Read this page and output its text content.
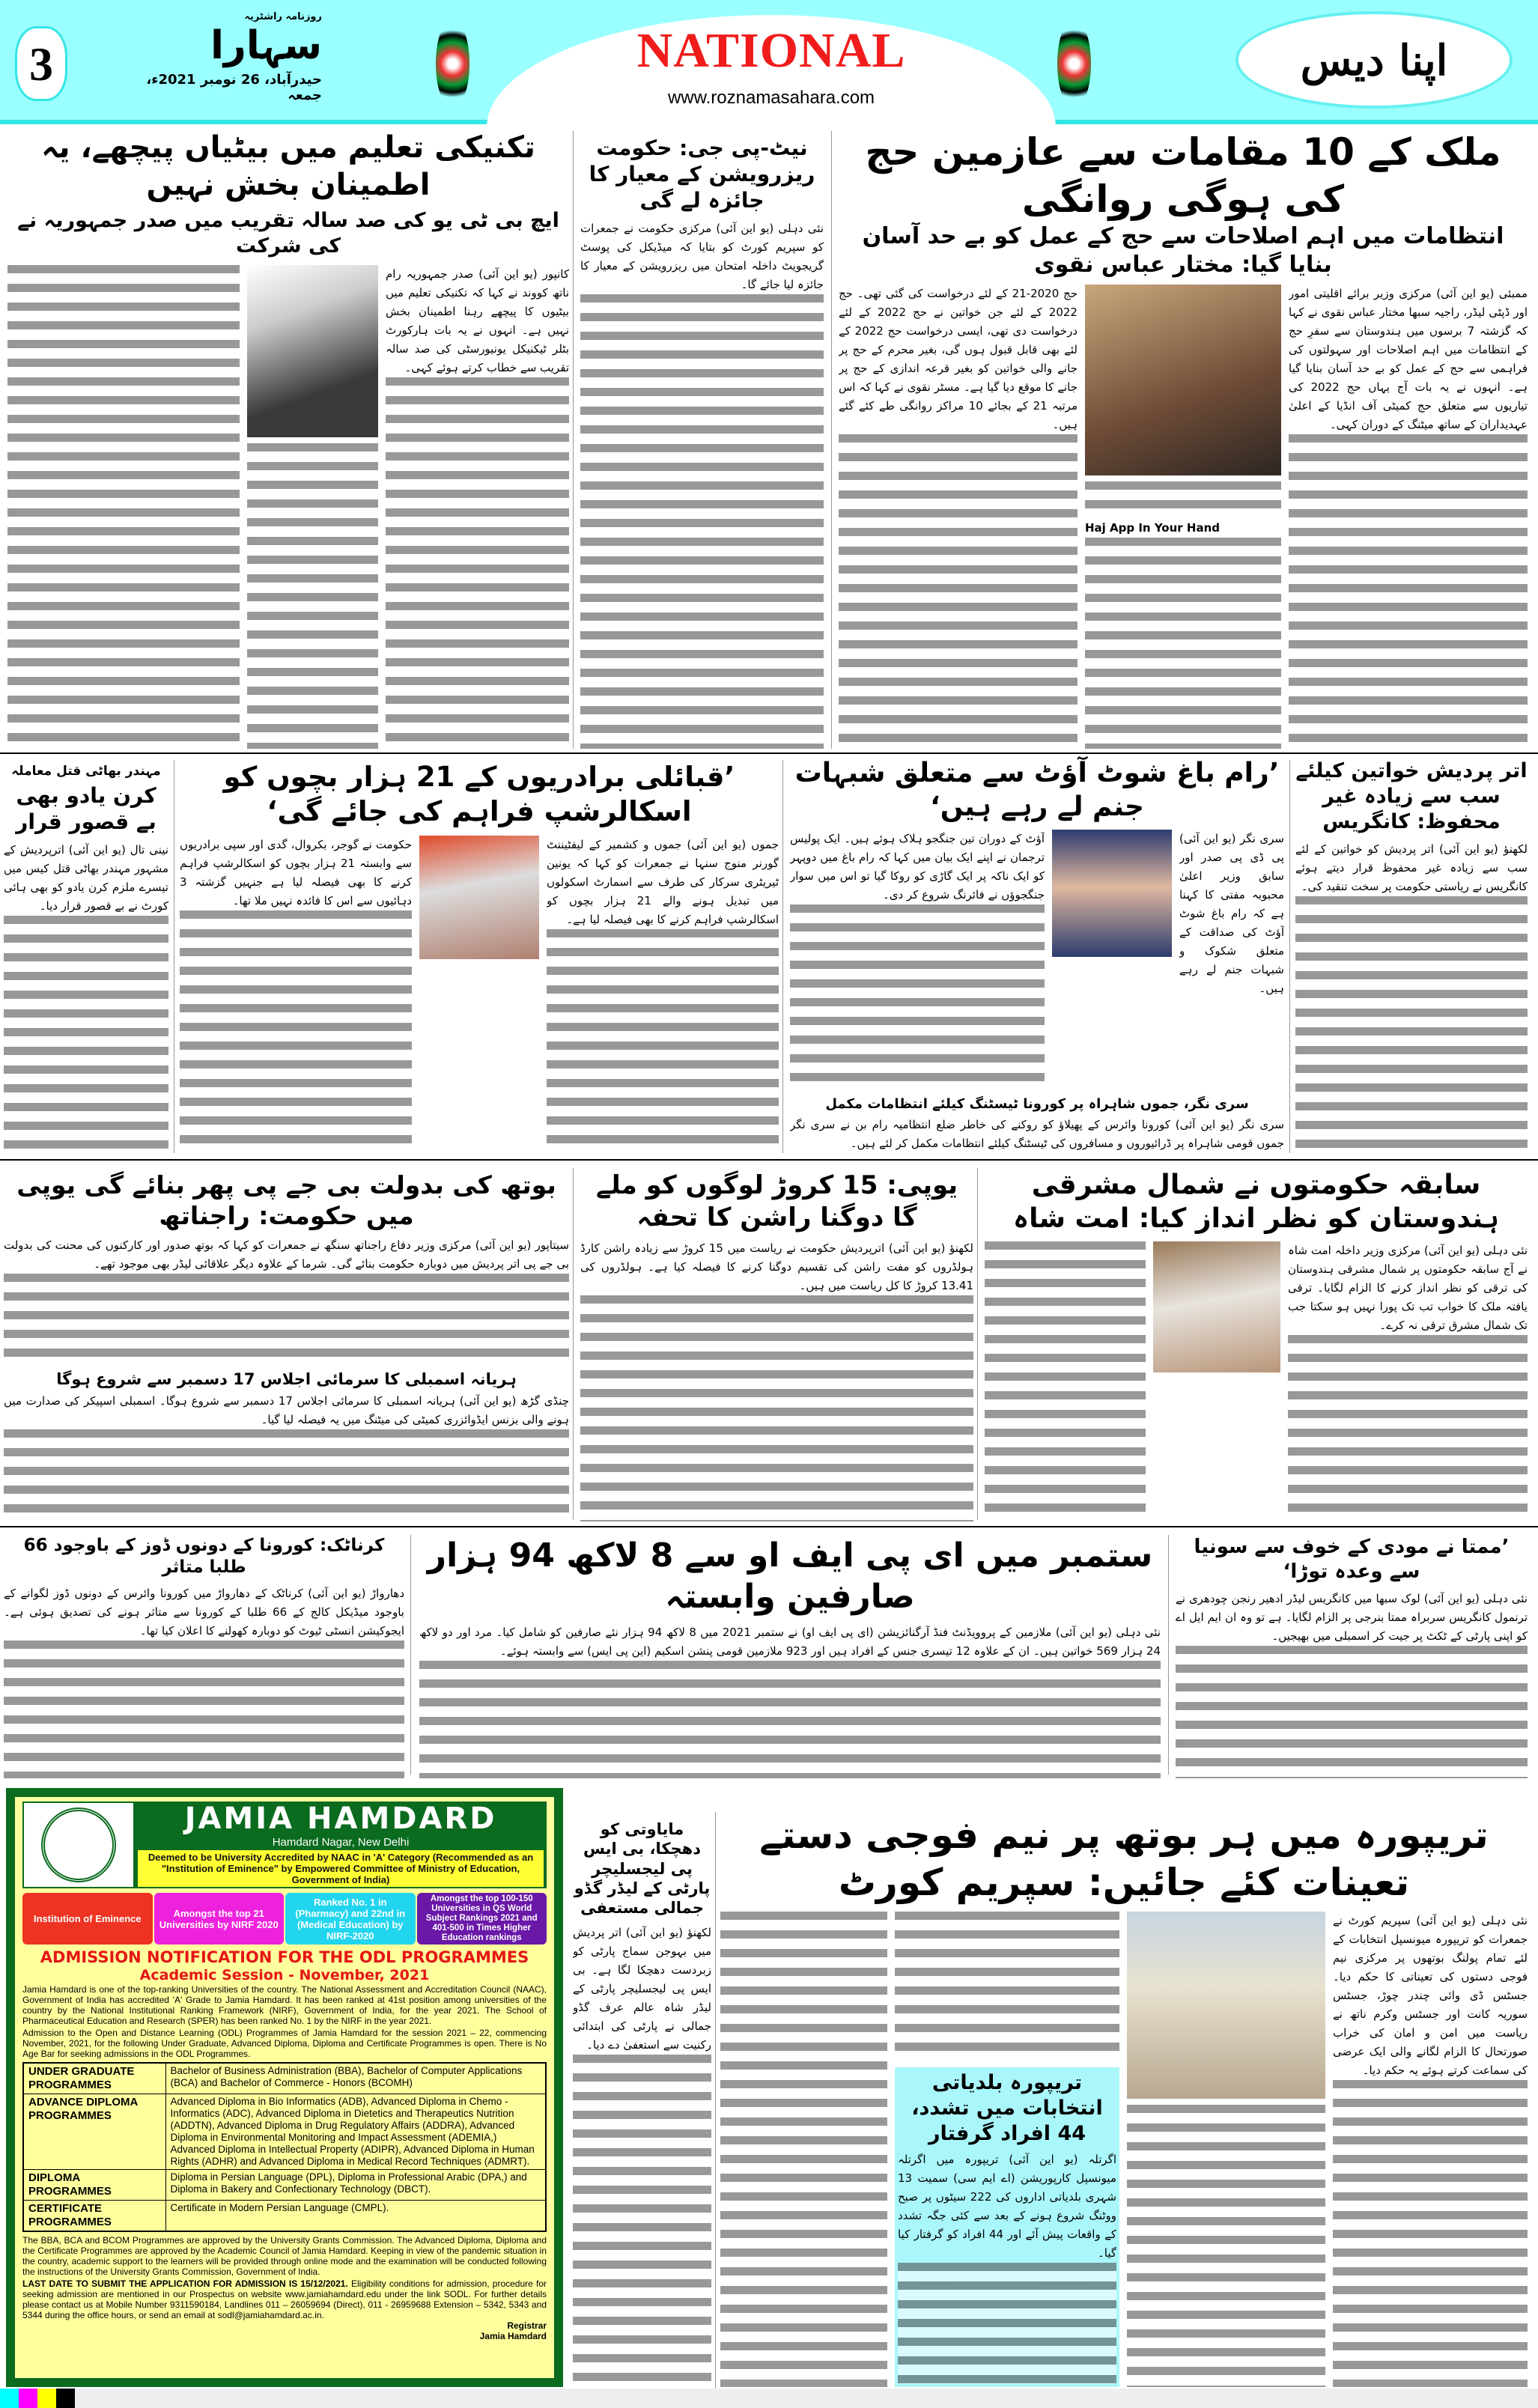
3
روزنامہ راشٹریہ
سہارا
حیدرآباد، 26 نومبر 2021ء، جمعہ
NATIONAL
www.roznamasahara.com
اپنا دیس
ملک کے 10 مقامات سے عازمین حج کی ہوگی روانگی
انتظامات میں اہم اصلاحات سے حج کے عمل کو بے حد آسان بنایا گیا: مختار عباس نقوی
ممبئی (یو این آئی) مرکزی وزیر برائے اقلیتی امور اور ڈپٹی لیڈر، راجیہ سبھا مختار عباس نقوی نے کہا کہ گزشتہ 7 برسوں میں ہندوستان سے سفرِ حج کے انتظامات میں اہم اصلاحات اور سہولتوں کی فراہمی سے حج کے عمل کو بے حد آسان بنایا گیا ہے۔ انہوں نے یہ بات آج یہاں حج 2022 کی تیاریوں سے متعلق حج کمیٹی آف انڈیا کے اعلیٰ عہدیداران کے ساتھ میٹنگ کے دوران کہی۔
Haj App In Your Hand
حج 2020-21 کے لئے درخواست کی گئی تھی۔ حج 2022 کے لئے جن خواتین نے حج 2022 کے لئے درخواست دی تھی، ایسی درخواست حج 2022 کے لئے بھی قابل قبول ہوں گی، بغیر محرم کے حج پر جانے والی خواتین کو بغیر قرعہ اندازی کے حج پر جانے کا موقع دیا گیا ہے۔ مسٹر نقوی نے کہا کہ اس مرتبہ 21 کے بجائے 10 مراکز روانگی طے کئے گئے ہیں۔
نیٹ-پی جی: حکومت ریزرویشن کے معیار کا جائزہ لے گی
نئی دہلی (یو این آئی) مرکزی حکومت نے جمعرات کو سپریم کورٹ کو بتایا کہ میڈیکل کی پوسٹ گریجویٹ داخلہ امتحان میں ریزرویشن کے معیار کا جائزہ لیا جائے گا۔
تکنیکی تعلیم میں بیٹیاں پیچھے، یہ اطمینان بخش نہیں
ایچ بی ٹی یو کی صد سالہ تقریب میں صدر جمہوریہ نے کی شرکت
کانپور (یو این آئی) صدر جمہوریہ رام ناتھ کووند نے کہا کہ تکنیکی تعلیم میں بیٹیوں کا پیچھے رہنا اطمینان بخش نہیں ہے۔ انہوں نے یہ بات ہارکورٹ بٹلر ٹیکنیکل یونیورسٹی کی صد سالہ تقریب سے خطاب کرتے ہوئے کہی۔
اتر پردیش خواتین کیلئے سب سے زیادہ غیر محفوظ: کانگریس
لکھنؤ (یو این آئی) اتر پردیش کو خواتین کے لئے سب سے زیادہ غیر محفوظ قرار دیتے ہوئے کانگریس نے ریاستی حکومت پر سخت تنقید کی۔
’رام باغ شوٹ آؤٹ سے متعلق شبہات جنم لے رہے ہیں‘
سری نگر (یو این آئی) پی ڈی پی صدر اور سابق وزیر اعلیٰ محبوبہ مفتی کا کہنا ہے کہ رام باغ شوٹ آؤٹ کی صداقت کے متعلق شکوک و شبہات جنم لے رہے ہیں۔
آؤٹ کے دوران تین جنگجو ہلاک ہوئے ہیں۔ ایک پولیس ترجمان نے اپنے ایک بیان میں کہا کہ رام باغ میں دوپہر کو ایک ناکہ پر ایک گاڑی کو روکا گیا تو اس میں سوار جنگجوؤں نے فائرنگ شروع کر دی۔
سری نگر، جموں شاہراہ پر کورونا ٹیسٹنگ کیلئے انتظامات مکمل
سری نگر (یو این آئی) کورونا وائرس کے پھیلاؤ کو روکنے کی خاطر ضلع انتظامیہ رام بن نے سری نگر جموں قومی شاہراہ پر ڈرائیوروں و مسافروں کی ٹیسٹنگ کیلئے انتظامات مکمل کر لئے ہیں۔
’قبائلی برادریوں کے 21 ہزار بچوں کو اسکالرشپ فراہم کی جائے گی‘
جموں (یو این آئی) جموں و کشمیر کے لیفٹیننٹ گورنر منوج سنہا نے جمعرات کو کہا کہ یونین ٹیریٹری سرکار کی طرف سے اسمارٹ اسکولوں میں تبدیل ہونے والے 21 ہزار بچوں کو اسکالرشپ فراہم کرنے کا بھی فیصلہ لیا ہے۔
حکومت نے گوجر، بکروال، گدی اور سپی برادریوں سے وابستہ 21 ہزار بچوں کو اسکالرشپ فراہم کرنے کا بھی فیصلہ لیا ہے جنہیں گزشتہ 3 دہائیوں سے اس کا فائدہ نہیں ملا تھا۔
مہندر بھاٹی قتل معاملہ
کرن یادو بھی بے قصور قرار
نینی تال (یو این آئی) اترپردیش کے مشہور مہندر بھاٹی قتل کیس میں تیسرے ملزم کرن یادو کو بھی ہائی کورٹ نے بے قصور قرار دیا۔
سابقہ حکومتوں نے شمال مشرقی ہندوستان کو نظر انداز کیا: امت شاہ
نئی دہلی (یو این آئی) مرکزی وزیر داخلہ امت شاہ نے آج سابقہ حکومتوں پر شمال مشرقی ہندوستان کی ترقی کو نظر انداز کرنے کا الزام لگایا۔ ترقی یافتہ ملک کا خواب تب تک پورا نہیں ہو سکتا جب تک شمال مشرق ترقی نہ کرے۔
یوپی: 15 کروڑ لوگوں کو ملے گا دوگنا راشن کا تحفہ
لکھنؤ (یو این آئی) اترپردیش حکومت نے ریاست میں 15 کروڑ سے زیادہ راشن کارڈ ہولڈروں کو مفت راشن کی تقسیم دوگنا کرنے کا فیصلہ کیا ہے۔ ہولڈروں کی 13.41 کروڑ کا کل ریاست میں ہیں۔
بوتھ کی بدولت بی جے پی پھر بنائے گی یوپی میں حکومت: راجناتھ
سیتاپور (یو این آئی) مرکزی وزیر دفاع راجناتھ سنگھ نے جمعرات کو کہا کہ بوتھ صدور اور کارکنوں کی محنت کی بدولت بی جے پی اتر پردیش میں دوبارہ حکومت بنائے گی۔ شرما کے علاوہ دیگر علاقائی لیڈر بھی موجود تھے۔
ہریانہ اسمبلی کا سرمائی اجلاس 17 دسمبر سے شروع ہوگا
چنڈی گڑھ (یو این آئی) ہریانہ اسمبلی کا سرمائی اجلاس 17 دسمبر سے شروع ہوگا۔ اسمبلی اسپیکر کی صدارت میں ہونے والی بزنس ایڈوائزری کمیٹی کی میٹنگ میں یہ فیصلہ لیا گیا۔
’ممتا نے مودی کے خوف سے سونیا سے وعدہ توڑا‘
نئی دہلی (یو این آئی) لوک سبھا میں کانگریس لیڈر ادھیر رنجن چودھری نے ترنمول کانگریس سربراہ ممتا بنرجی پر الزام لگایا۔ ہے تو وہ ان ایم ایل اے کو اپنی پارٹی کے ٹکٹ پر جیت کر اسمبلی میں بھیجیں۔
ستمبر میں ای پی ایف او سے 8 لاکھ 94 ہزار صارفین وابستہ
نئی دہلی (یو این آئی) ملازمین کے پروویڈنٹ فنڈ آرگنائزیشن (ای پی ایف او) نے ستمبر 2021 میں 8 لاکھ 94 ہزار نئے صارفین کو شامل کیا۔ مرد اور دو لاکھ 24 ہزار 569 خواتین ہیں۔ ان کے علاوہ 12 تیسری جنس کے افراد ہیں اور 923 ملازمین قومی پنشن اسکیم (این پی ایس) سے وابستہ ہوئے۔
کرناٹک: کورونا کے دونوں ڈوز کے باوجود 66 طلبا متاثر
دھارواڑ (یو این آئی) کرناٹک کے دھارواڑ میں کورونا وائرس کے دونوں ڈوز لگوانے کے باوجود میڈیکل کالج کے 66 طلبا کے کورونا سے متاثر ہونے کی تصدیق ہوئی ہے۔ ایجوکیشن انسٹی ٹیوٹ کو دوبارہ کھولنے کا اعلان کیا تھا۔
تریپورہ میں ہر بوتھ پر نیم فوجی دستے تعینات کئے جائیں: سپریم کورٹ
نئی دہلی (یو این آئی) سپریم کورٹ نے جمعرات کو تریپورہ میونسپل انتخابات کے لئے تمام پولنگ بوتھوں پر مرکزی نیم فوجی دستوں کی تعیناتی کا حکم دیا۔ جسٹس ڈی وائی چندر چوڑ، جسٹس سوریہ کانت اور جسٹس وکرم ناتھ نے ریاست میں امن و امان کی خراب صورتحال کا الزام لگانے والی ایک عرضی کی سماعت کرتے ہوئے یہ حکم دیا۔
تریپورہ بلدیاتی انتخابات میں تشدد، 44 افراد گرفتار
اگرتلہ (یو این آئی) تریپورہ میں اگرتلہ میونسپل کارپوریشن (اے ایم سی) سمیت 13 شہری بلدیاتی اداروں کی 222 سیٹوں پر صبح ووٹنگ شروع ہونے کے بعد سے کئی جگہ تشدد کے واقعات پیش آئے اور 44 افراد کو گرفتار کیا گیا۔
مایاوتی کو دھچکا، بی ایس پی لیجسلیچر پارٹی کے لیڈر گڈو جمالی مستعفی
لکھنؤ (یو این آئی) اتر پردیش میں بہوجن سماج پارٹی کو زبردست دھچکا لگا ہے۔ بی ایس پی لیجسلیچر پارٹی کے لیڈر شاہ عالم عرف گڈو جمالی نے پارٹی کی ابتدائی رکنیت سے استعفیٰ دے دیا۔
JAMIA HAMDARD
Hamdard Nagar, New Delhi
Deemed to be University Accredited by NAAC in 'A' Category (Recommended as an "Institution of Eminence" by Empowered Committee of Ministry of Education, Government of India)
Institution of Eminence	Amongst the top 21 Universities by NIRF 2020
Ranked No. 1 in (Pharmacy) and 22nd in (Medical Education) by NIRF-2020
Amongst the top 100-150 Universities in QS World Subject Rankings 2021 and 401-500 in Times Higher Education rankings
ADMISSION NOTIFICATION FOR THE ODL PROGRAMMES
Academic Session - November, 2021

Jamia Hamdard is one of the top-ranking Universities of the country. The National Assessment and Accreditation Council (NAAC), Government of India has accredited 'A' Grade to Jamia Hamdard. It has been ranked at 41st position among universities of the country by the National Institutional Ranking Framework (NIRF), Government of India, for the year 2021. The School of Pharmaceutical Education and Research (SPER) has been ranked No. 1 by the NIRF in the year 2021.

Admission to the Open and Distance Learning (ODL) Programmes of Jamia Hamdard for the session 2021 – 22, commencing November, 2021, for the following Under Graduate, Advanced Diploma, Diploma and Certificate Programmes is open. There is No Age Bar for seeking admissions in the ODL Programmes.

UNDER GRADUATE PROGRAMMES	Bachelor of Business Administration (BBA), Bachelor of Computer Applications (BCA) and Bachelor of Commerce - Honors (BCOMH)
ADVANCE DIPLOMA PROGRAMMES	Advanced Diploma in Bio Informatics (ADB), Advanced Diploma in Chemo - Informatics (ADC), Advanced Diploma in Dietetics and Therapeutics Nutrition (ADDTN), Advanced Diploma in Drug Regulatory Affairs (ADDRA), Advanced Diploma in Environmental Monitoring and Impact Assessment (ADEMIA,) Advanced Diploma in Intellectual Property (ADIPR), Advanced Diploma in Human Rights (ADHR) and Advanced Diploma in Medical Record Techniques (ADMRT).
DIPLOMA PROGRAMMES	Diploma in Persian Language (DPL), Diploma in Professional Arabic (DPA,) and Diploma in Bakery and Confectionary Technology (DBCT).
CERTIFICATE PROGRAMMES	Certificate in Modern Persian Language (CMPL).

The BBA, BCA and BCOM Programmes are approved by the University Grants Commission. The Advanced Diploma, Diploma and the Certificate Programmes are approved by the Academic Council of Jamia Hamdard. Keeping in view of the pandemic situation in the country, academic support to the learners will be provided through online mode and the examination will be conducted following the instructions of the University Grants Commission, Government of India.

LAST DATE TO SUBMIT THE APPLICATION FOR ADMISSION IS 15/12/2021. Eligibility conditions for admission, procedure for seeking admission are mentioned in our Prospectus on website www.jamiahamdard.edu under the link SODL. For further details please contact us at Mobile Number 9311590184, Landlines 011 – 26059694 (Direct), 011 - 26959688 Extension – 5342, 5343 and 5344 during the office hours, or send an email at sodl@jamiahamdard.ac.in.

Registrar
Jamia Hamdard
